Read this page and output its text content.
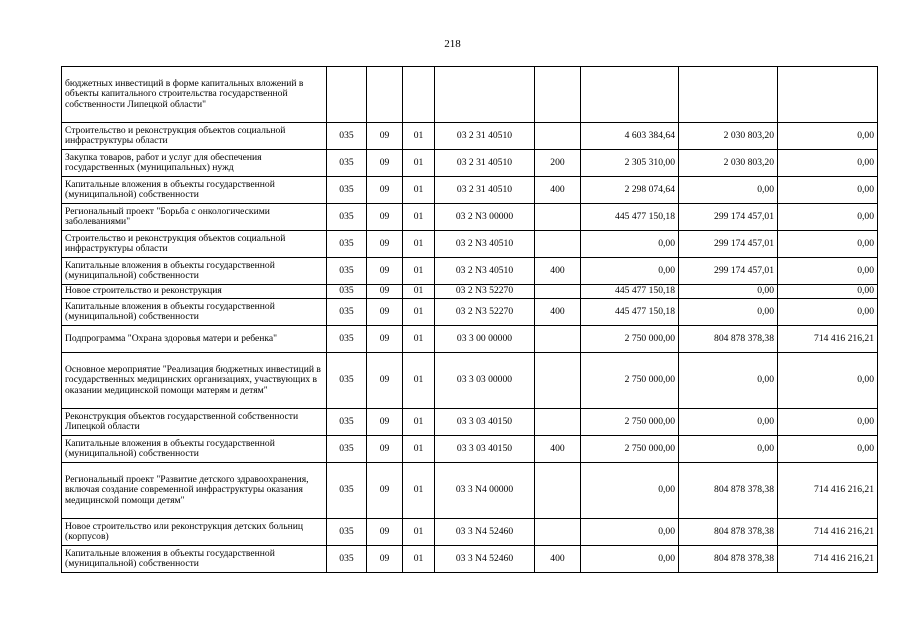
218
бюджетных инвестиций в форме капитальных вложений в объекты капитального строительства государственной собственности Липецкой области"								
Строительство и реконструкция объектов социальной инфраструктуры области	035	09	01	03 2 31 40510		4 603 384,64	2 030 803,20	0,00
Закупка товаров, работ и услуг для обеспечения государственных (муниципальных) нужд	035	09	01	03 2 31 40510	200	2 305 310,00	2 030 803,20	0,00
Капитальные вложения в объекты государственной (муниципальной) собственности	035	09	01	03 2 31 40510	400	2 298 074,64	0,00	0,00
Региональный проект "Борьба с онкологическими заболеваниями"	035	09	01	03 2 N3 00000		445 477 150,18	299 174 457,01	0,00
Строительство и реконструкция объектов социальной инфраструктуры области	035	09	01	03 2 N3 40510		0,00	299 174 457,01	0,00
Капитальные вложения в объекты государственной (муниципальной) собственности	035	09	01	03 2 N3 40510	400	0,00	299 174 457,01	0,00
Новое строительство и реконструкция	035	09	01	03 2 N3 52270		445 477 150,18	0,00	0,00
Капитальные вложения в объекты государственной (муниципальной) собственности	035	09	01	03 2 N3 52270	400	445 477 150,18	0,00	0,00
Подпрограмма "Охрана здоровья матери и ребенка"	035	09	01	03 3 00 00000		2 750 000,00	804 878 378,38	714 416 216,21
Основное мероприятие "Реализация бюджетных инвестиций в государственных медицинских организациях, участвующих в оказании медицинской помощи матерям и детям"	035	09	01	03 3 03 00000		2 750 000,00	0,00	0,00
Реконструкция объектов государственной собственности Липецкой области	035	09	01	03 3 03 40150		2 750 000,00	0,00	0,00
Капитальные вложения в объекты государственной (муниципальной) собственности	035	09	01	03 3 03 40150	400	2 750 000,00	0,00	0,00
Региональный проект "Развитие детского здравоохранения, включая создание современной инфраструктуры оказания медицинской помощи детям"	035	09	01	03 3 N4 00000		0,00	804 878 378,38	714 416 216,21
Новое строительство или реконструкция детских больниц (корпусов)	035	09	01	03 3 N4 52460		0,00	804 878 378,38	714 416 216,21
Капитальные вложения в объекты государственной (муниципальной) собственности	035	09	01	03 3 N4 52460	400	0,00	804 878 378,38	714 416 216,21
